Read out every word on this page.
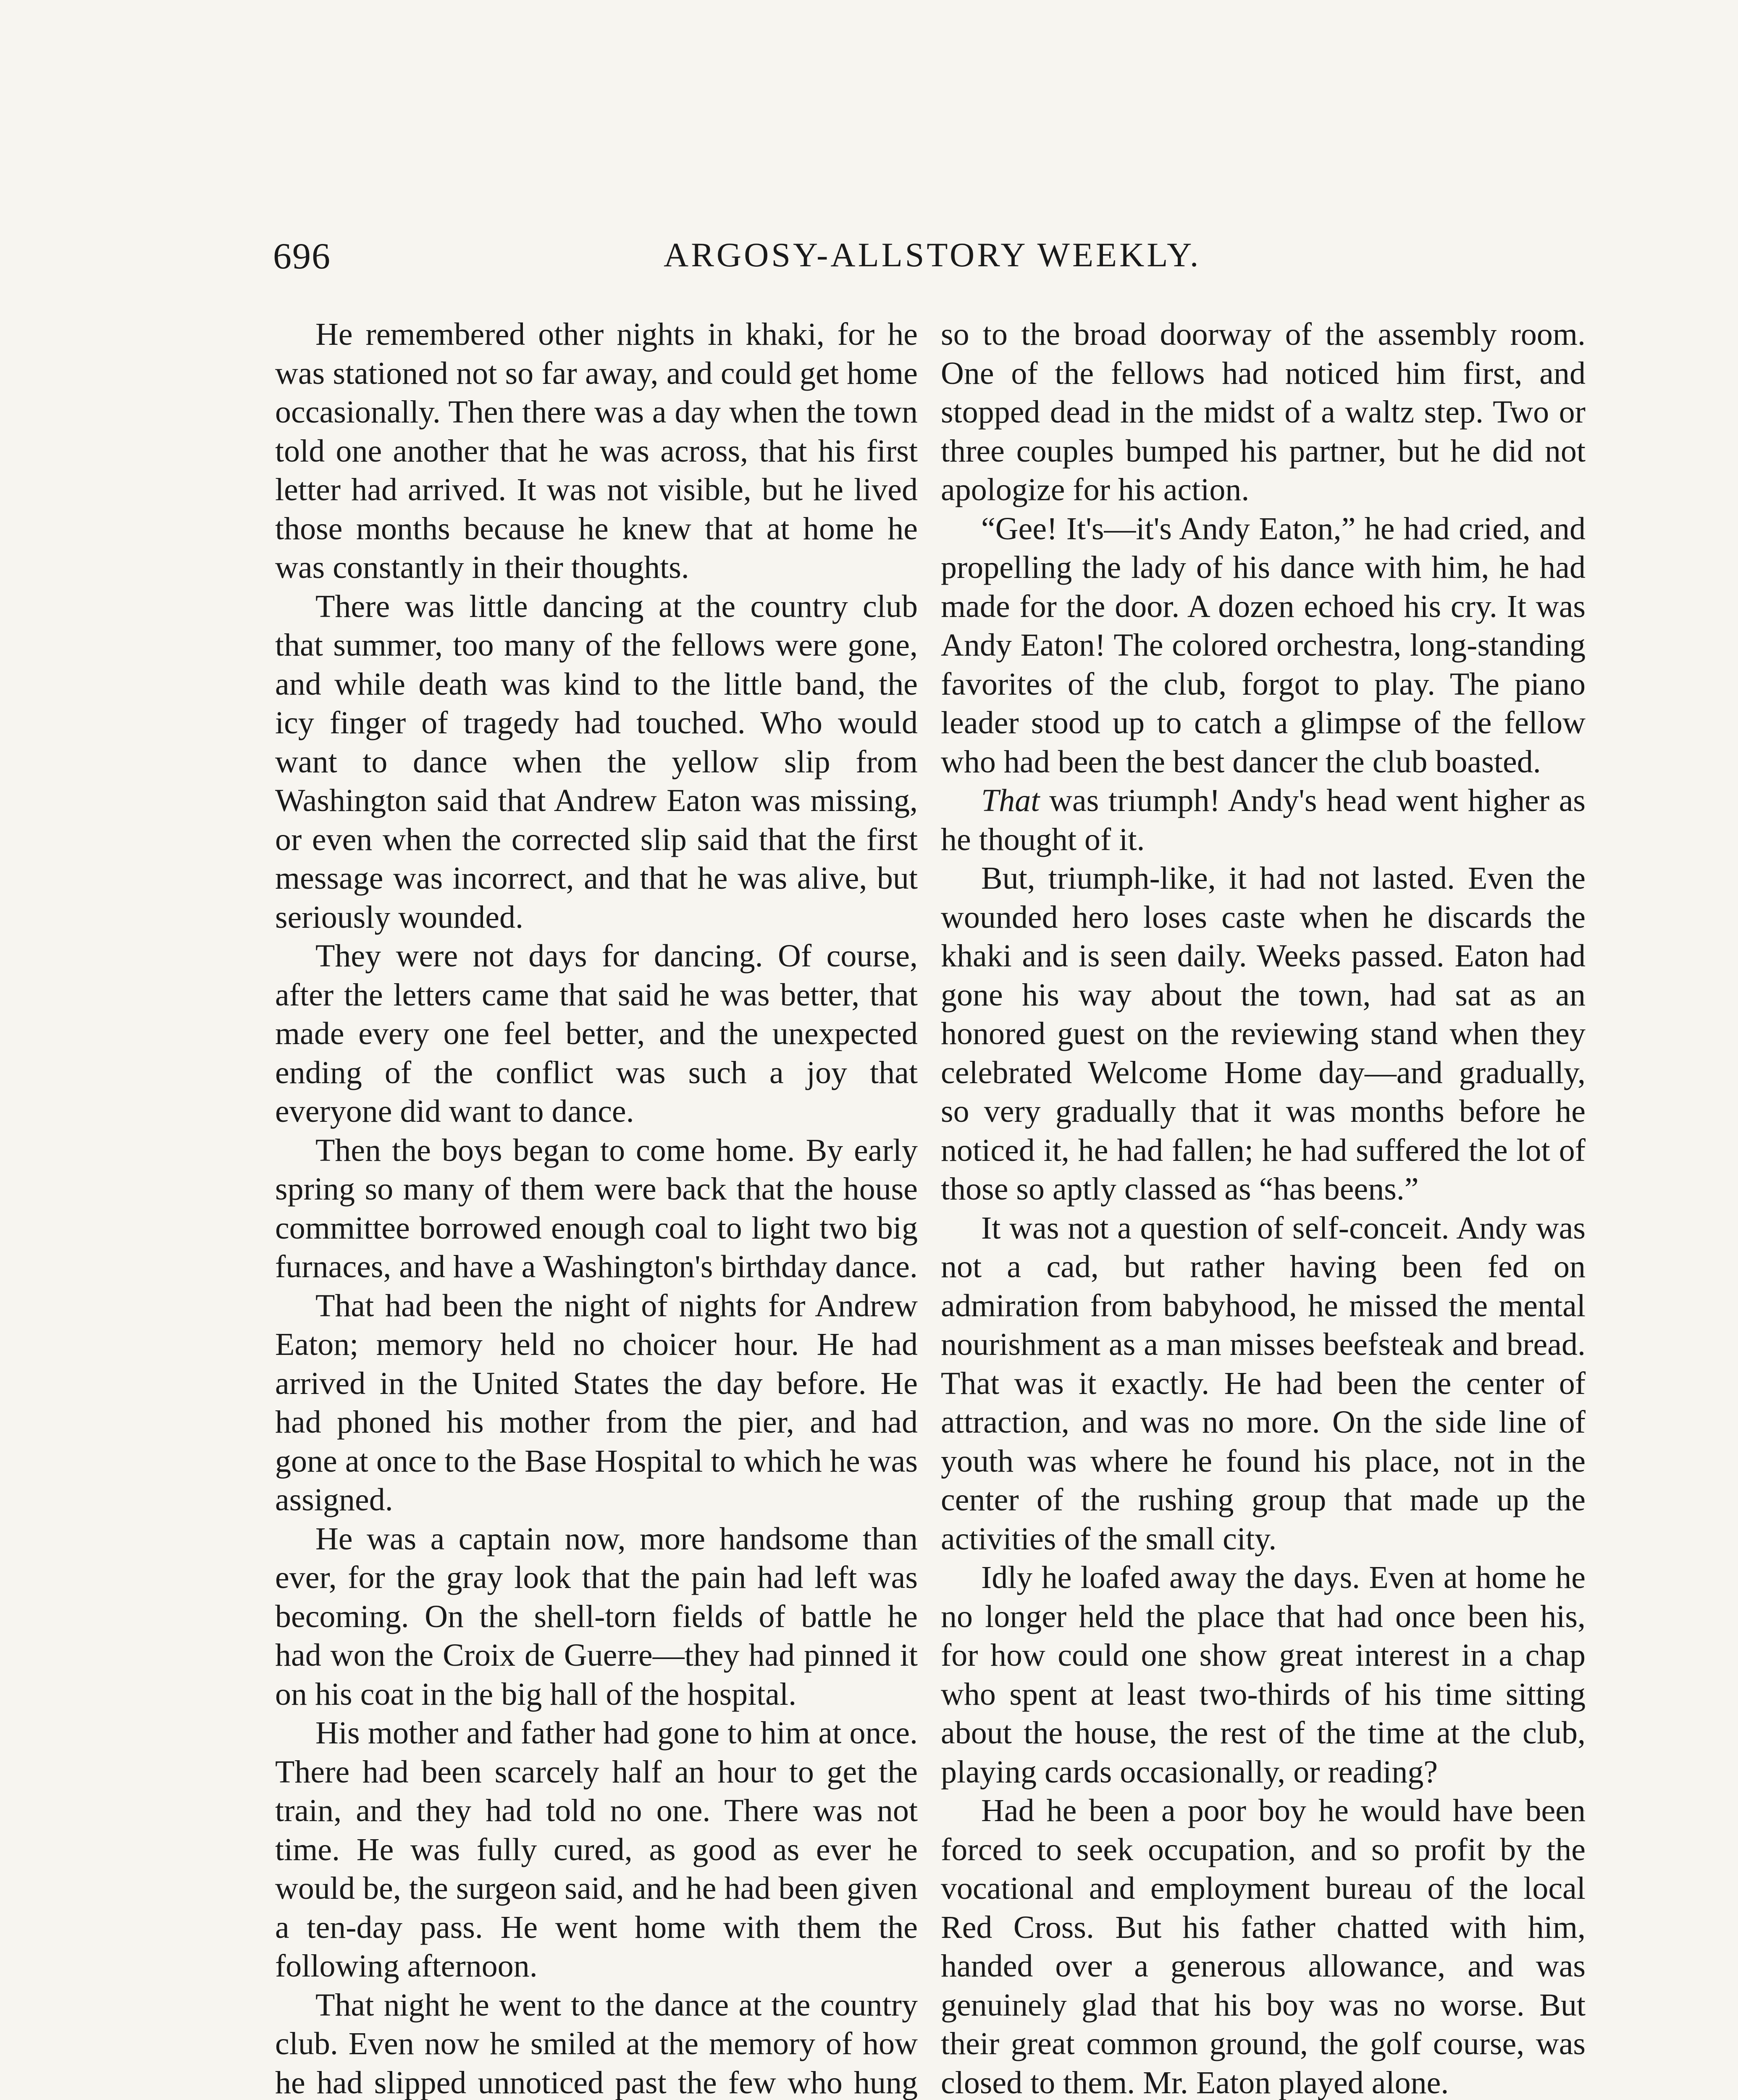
696	ARGOSY-ALLSTORY WEEKLY.

He remembered other nights in khaki, for he was stationed not so far away, and could get home occasionally. Then there was a day when the town told one another that he was across, that his first letter had arrived. It was not visible, but he lived those months because he knew that at home he was constantly in their thoughts.

There was little dancing at the country club that summer, too many of the fellows were gone, and while death was kind to the little band, the icy finger of tragedy had touched. Who would want to dance when the yellow slip from Washington said that Andrew Eaton was missing, or even when the corrected slip said that the first message was incorrect, and that he was alive, but seriously wounded.

They were not days for dancing. Of course, after the letters came that said he was better, that made every one feel better, and the unexpected ending of the conflict was such a joy that everyone did want to dance.

Then the boys began to come home. By early spring so many of them were back that the house committee borrowed enough coal to light two big furnaces, and have a Washington's birthday dance.

That had been the night of nights for Andrew Eaton; memory held no choicer hour. He had arrived in the United States the day before. He had phoned his mother from the pier, and had gone at once to the Base Hospital to which he was assigned.

He was a captain now, more handsome than ever, for the gray look that the pain had left was becoming. On the shell-torn fields of battle he had won the Croix de Guerre—they had pinned it on his coat in the big hall of the hospital.

His mother and father had gone to him at once. There had been scarcely half an hour to get the train, and they had told no one. There was not time. He was fully cured, as good as ever he would be, the surgeon said, and he had been given a ten-day pass. He went home with them the following afternoon.

That night he went to the dance at the country club. Even now he smiled at the memory of how he had slipped unnoticed past the few who hung

so to the broad doorway of the assembly room. One of the fellows had noticed him first, and stopped dead in the midst of a waltz step. Two or three couples bumped his partner, but he did not apologize for his action.

“Gee! It's—it's Andy Eaton,” he had cried, and propelling the lady of his dance with him, he had made for the door. A dozen echoed his cry. It was Andy Eaton! The colored orchestra, long-standing favorites of the club, forgot to play. The piano leader stood up to catch a glimpse of the fellow who had been the best dancer the club boasted.

That was triumph! Andy's head went higher as he thought of it.

But, triumph-like, it had not lasted. Even the wounded hero loses caste when he discards the khaki and is seen daily. Weeks passed. Eaton had gone his way about the town, had sat as an honored guest on the reviewing stand when they celebrated Welcome Home day—and gradually, so very gradually that it was months before he noticed it, he had fallen; he had suffered the lot of those so aptly classed as “has beens.”

It was not a question of self-conceit. Andy was not a cad, but rather having been fed on admiration from babyhood, he missed the mental nourishment as a man misses beefsteak and bread. That was it exactly. He had been the center of attraction, and was no more. On the side line of youth was where he found his place, not in the center of the rushing group that made up the activities of the small city.

Idly he loafed away the days. Even at home he no longer held the place that had once been his, for how could one show great interest in a chap who spent at least two-thirds of his time sitting about the house, the rest of the time at the club, playing cards occasionally, or reading?

Had he been a poor boy he would have been forced to seek occupation, and so profit by the vocational and employment bureau of the local Red Cross. But his father chatted with him, handed over a generous allowance, and was genuinely glad that his boy was no worse. But their great common ground, the golf course, was closed to them. Mr. Eaton played alone.
